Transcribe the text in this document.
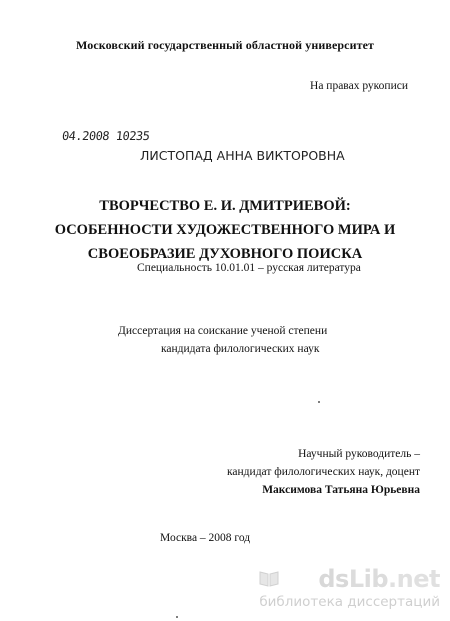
Московский государственный областной университет
На правах рукописи
04.2008 10235
ЛИСТОПАД АННА ВИКТОРОВНА
ТВОРЧЕСТВО Е. И. ДМИТРИЕВОЙ:
ОСОБЕННОСТИ ХУДОЖЕСТВЕННОГО МИРА И
СВОЕОБРАЗИЕ ДУХОВНОГО ПОИСКА
Специальность 10.01.01 – русская литература
Диссертация на соискание ученой степени
кандидата филологических наук
Научный руководитель –
кандидат филологических наук, доцент
Максимова Татьяна Юрьевна
Москва – 2008 год
dsLib.net
библиотека диссертаций
